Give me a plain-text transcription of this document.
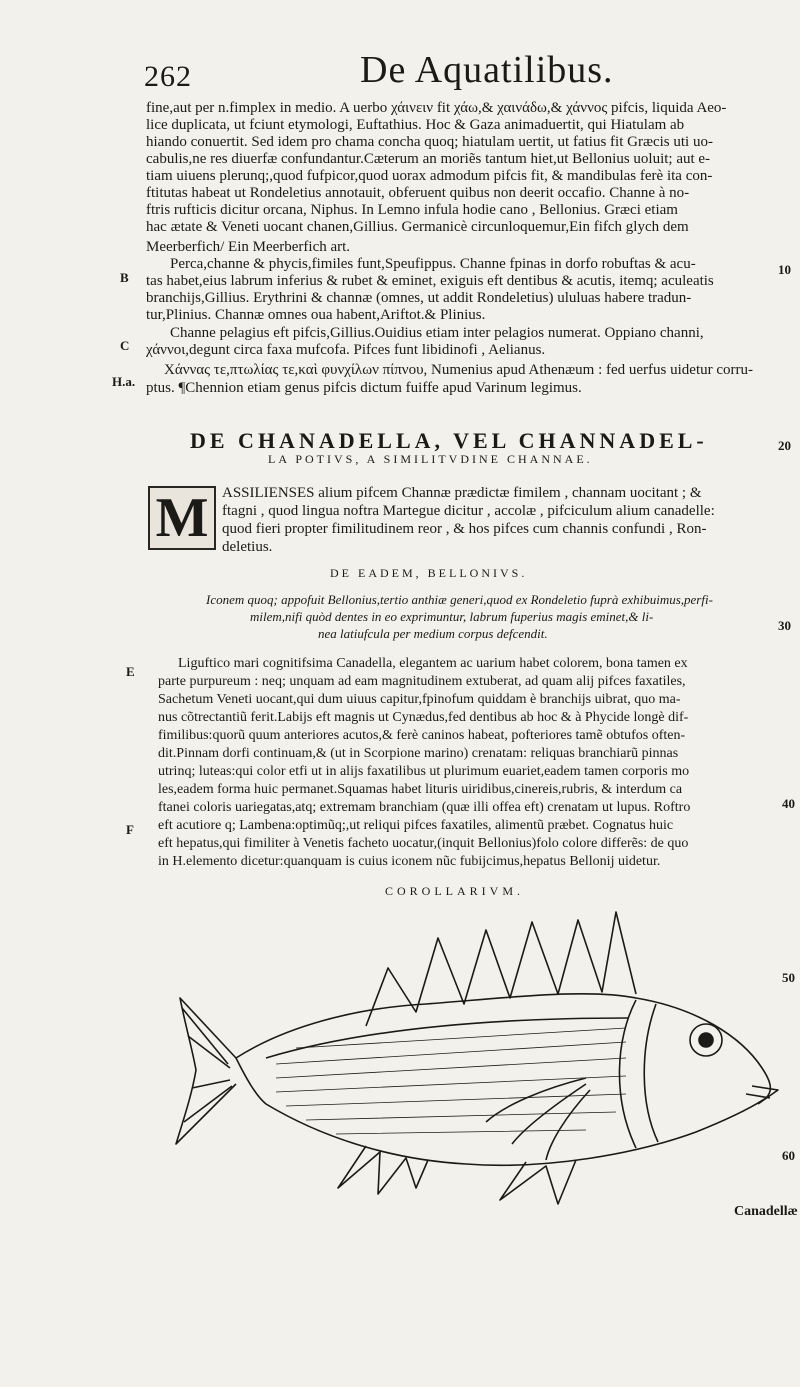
262	De Aquatilibus.
fine,aut per n.fimplex in medio. A uerbo χάινειν fit χάω,& χαινάδω,& χάννος pifcis, liquida Aeo-
lice duplicata, ut fciunt etymologi, Euftathius. Hoc & Gaza animaduertit, qui Hiatulam ab
hiando conuertit. Sed idem pro chama concha quoq; hiatulam uertit, ut fatius fit Græcis uti uo-
cabulis,ne res diuerfæ confundantur.Cæterum an moriẽs tantum hiet,ut Bellonius uoluit; aut e-
tiam uiuens plerunq;,quod fufpicor,quod uorax admodum pifcis fit, & mandibulas ferè ita con-
ftitutas habeat ut Rondeletius annotauit, obferuent quibus non deerit occafio. Channe à no-
ftris rufticis dicitur orcana, Niphus. In Lemno infula hodie cano , Bellonius. Græci etiam
hac ætate & Veneti uocant chanen,Gillius. Germanicè circunloquemur,Ein fifch glych dem
Meerberfich/ Ein Meerberfich art.
Perca,channe & phycis,fimiles funt,Speufippus. Channe fpinas in dorfo robuftas & acu-
tas habet,eius labrum inferius & rubet & eminet, exiguis eft dentibus & acutis, itemq; aculeatis
branchijs,Gillius. Erythrini & channæ (omnes, ut addit Rondeletius) ululuas habere tradun-
tur,Plinius. Channæ omnes oua habent,Ariftot.& Plinius.
Channe pelagius eft pifcis,Gillius.Ouidius etiam inter pelagios numerat. Oppiano channi,
χάννοι,degunt circa faxa mufcofa. Pifces funt libidinofi , Aelianus.
Χάννας τε,πτωλίας τε,καὶ φυνχίλων πίπνου, Numenius apud Athenæum : fed uerfus uidetur corru-
ptus. ¶Chennion etiam genus pifcis dictum fuiffe apud Varinum legimus.
B
C
H.a.
10
20
30
40
50
60
E
F
DE CHANADELLA, VEL CHANNADEL-
LA POTIVS, A SIMILITVDINE CHANNAE.
M ASSILIENSES alium pifcem Channæ prædictæ fimilem , channam uocitant ; &
ftagni , quod lingua noftra Martegue dicitur , accolæ , pifciculum alium canadelle:
quod fieri propter fimilitudinem reor , & hos pifces cum channis confundi , Ron-
deletius.
DE EADEM, BELLONIVS.
Iconem quoq; appofuit Bellonius,tertio anthiæ generi,quod ex Rondeletio fuprà exhibuimus,perfi-
milem,nifi quòd dentes in eo exprimuntur, labrum fuperius magis eminet,& li-
nea latiufcula per medium corpus defcendit.
Liguftico mari cognitifsima Canadella, elegantem ac uarium habet colorem, bona tamen ex
parte purpureum : neq; unquam ad eam magnitudinem extuberat, ad quam alij pifces faxatiles,
Sachetum Veneti uocant,qui dum uiuus capitur,fpinofum quiddam è branchijs uibrat, quo ma-
nus cõtrectantiũ ferit.Labijs eft magnis ut Cynædus,fed dentibus ab hoc & à Phycide longè dif-
fimilibus:quorũ quum anteriores acutos,& ferè caninos habeat, pofteriores tamẽ obtufos often-
dit.Pinnam dorfi continuam,& (ut in Scorpione marino) crenatam: reliquas branchiarũ pinnas
utrinq; luteas:qui color etfi ut in alijs faxatilibus ut plurimum euariet,eadem tamen corporis mo
les,eadem forma huic permanet.Squamas habet lituris uiridibus,cinereis,rubris, & interdum ca
ftanei coloris uariegatas,atq; extremam branchiam (quæ illi offea eft) crenatam ut lupus. Roftro
eft acutiore q; Lambena:optimũq;,ut reliqui pifces faxatiles, alimentũ præbet. Cognatus huic
eft hepatus,qui fimiliter à Venetis facheto uocatur,(inquit Bellonius)folo colore differẽs: de quo
in H.elemento dicetur:quanquam is cuius iconem nũc fubijcimus,hepatus Bellonij uidetur.
COROLLARIVM.
Canadellæ
